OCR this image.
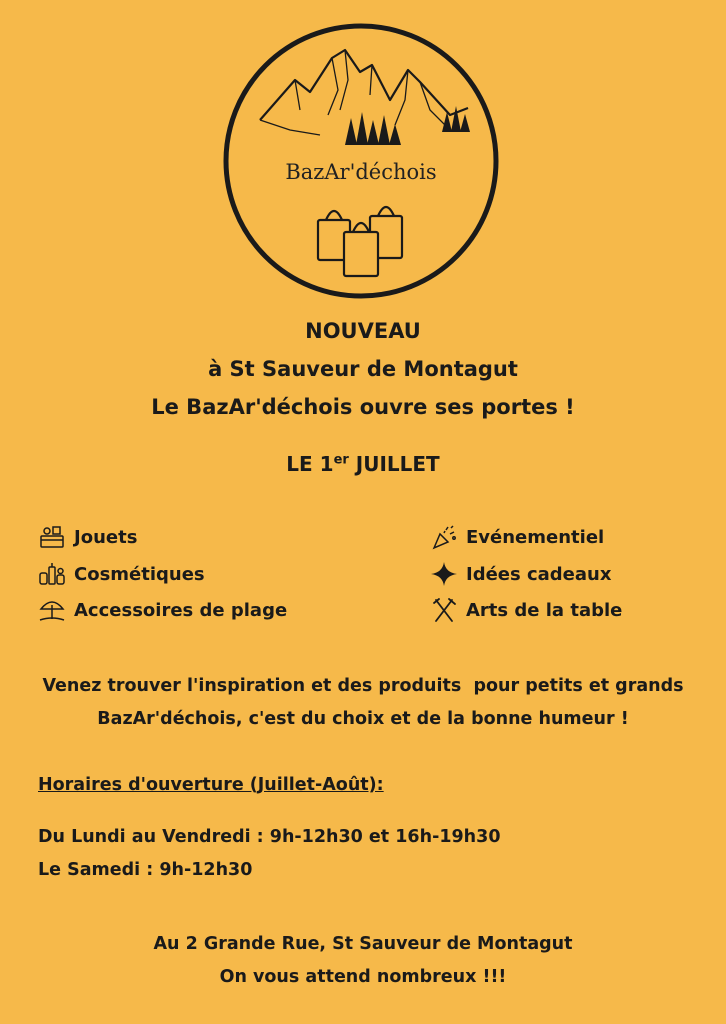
BazAr'déchois
NOUVEAU
à St Sauveur de Montagut
Le BazAr'déchois ouvre ses portes !
LE 1er JUILLET
Jouets
Cosmétiques
Accessoires de plage
Evénementiel
Idées cadeaux
Arts de la table
Venez trouver l'inspiration et des produits  pour petits et grands
BazAr'déchois, c'est du choix et de la bonne humeur !
Horaires d'ouverture (Juillet-Août):
Du Lundi au Vendredi : 9h-12h30 et 16h-19h30
Le Samedi : 9h-12h30
Au 2 Grande Rue, St Sauveur de Montagut
On vous attend nombreux !!!
